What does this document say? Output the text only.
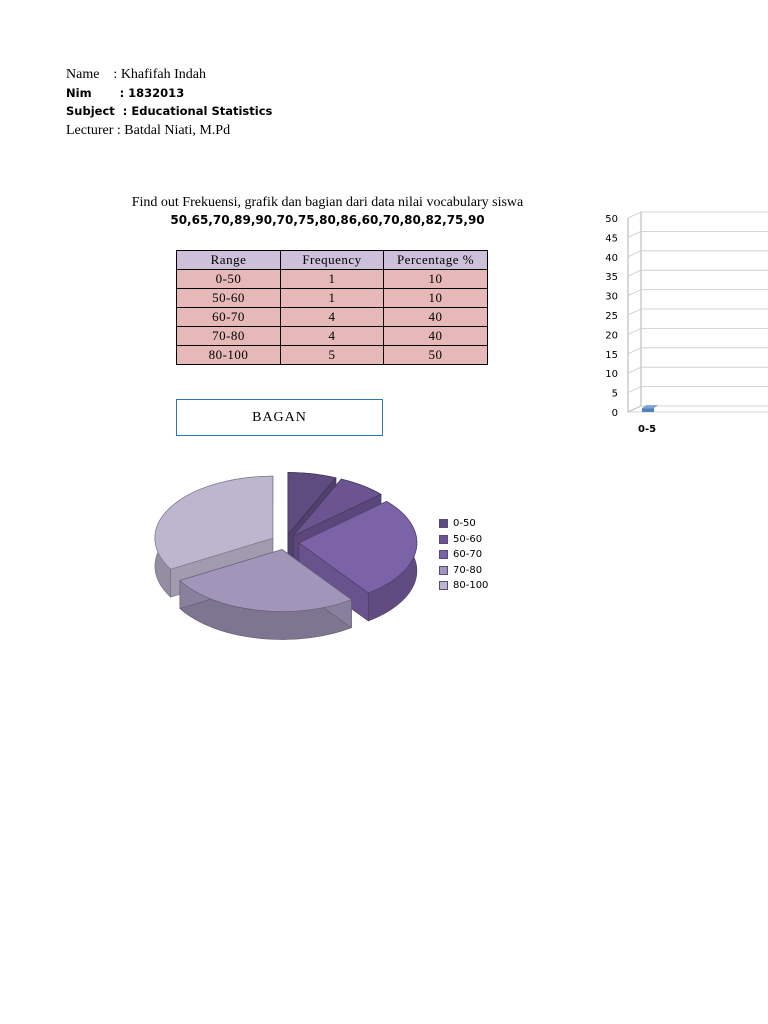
Name    : Khafifah Indah
Nim       : 1832013
Subject  : Educational Statistics
Lecturer : Batdal Niati, M.Pd
Find out Frekuensi, grafik dan bagian dari data nilai vocabulary siswa
50,65,70,89,90,70,75,80,86,60,70,80,82,75,90
Range	Frequency	Percentage %
0-50	1	10
50-60	1	10
60-70	4	40
70-80	4	40
80-100	5	50
BAGAN
0-50
50-60
60-70
70-80
80-100
0
5
10
15
20
25
30
35
40
45
50
0-5
